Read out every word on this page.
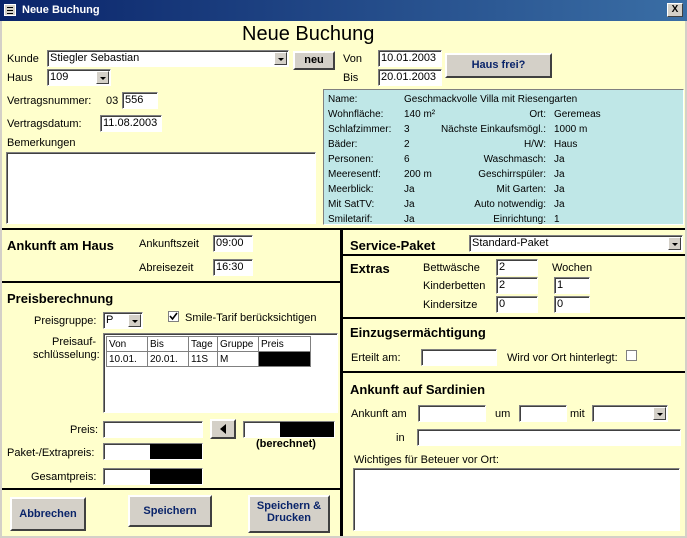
Neue Buchung	X
Neue Buchung
Kunde Stiegler Sebastian	neu
Haus 109
Von 10.01.2003
Bis 20.01.2003
Haus frei?
Vertragsnummer: 03 556
Vertragsdatum: 11.08.2003
Bemerkungen
Name:	Geschmackvolle Villa mit Riesengarten
Wohnfläche: 140 m²	Ort: Geremeas
Schlafzimmer: 3	Nächste Einkaufsmögl.: 1000 m
Bäder:	2	H/W: Haus
Personen:	6	Waschmasch: Ja
Meeresentf: 200 m	Geschirrspüler: Ja
Meerblick:	Ja	Mit Garten: Ja
Mit SatTV:	Ja	Auto notwendig: Ja
Smiletarif:	Ja	Einrichtung: 1
Ankunft am Haus Ankunftszeit 09:00
Abreisezeit 16:30
Preisberechnung
Preisgruppe: P	Smile-Tarif berücksichtigen
Preisauf-
schlüsselung:
Von	Bis	Tage	Gruppe	Preis
10.01.	20.01.	11S	M	
Preis:
(berechnet)
Paket-/Extrapreis:
Gesamtpreis:
Abbrechen	Speichern	Speichern &
Drucken
Service-Paket	Standard-Paket
Extras	Wochen
Bettwäsche 2
Kinderbetten 2	1
Kindersitze 0	0
Einzugsermächtigung
Erteilt am:	Wird vor Ort hinterlegt:
Ankunft auf Sardinien
Ankunft am	um	mit
in
Wichtiges für Beteuer vor Ort:
